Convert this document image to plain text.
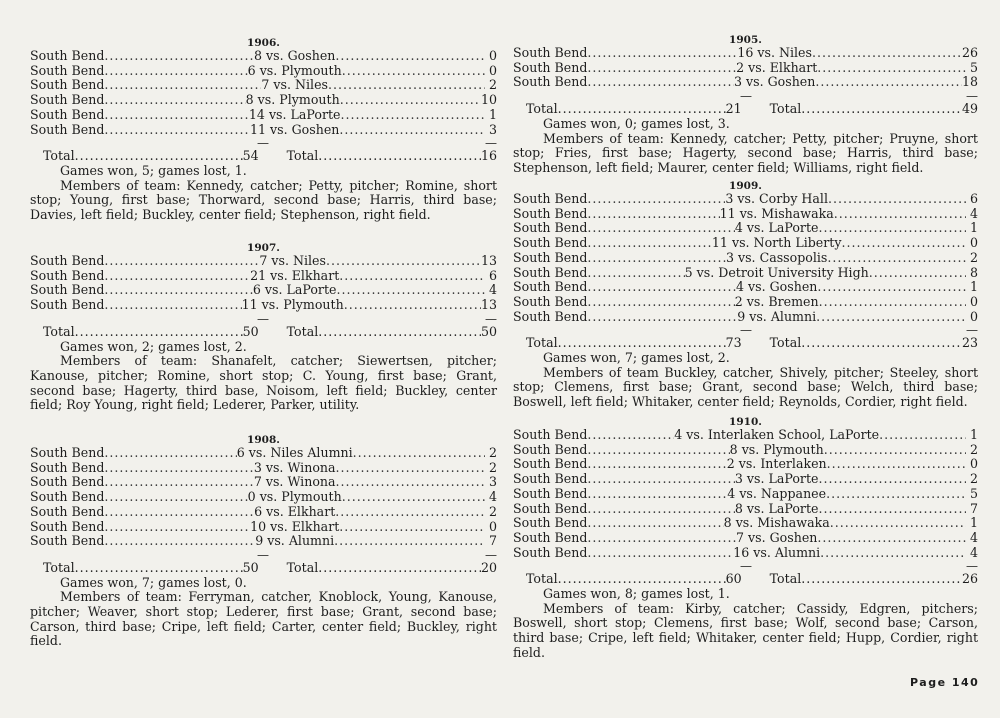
1906.
South Bend .....	8 vs. Goshen .....	0
South Bend .....	6 vs. Plymouth .....	0
South Bend .....	7 vs. Niles .....	2
South Bend .....	8 vs. Plymouth .....	10
South Bend .....	14 vs. LaPorte .....	1
South Bend .....	11 vs. Goshen .....	3
—	—
Total .....	54 Total .....	16
Games won, 5; games lost, 1.

Members of team: Kennedy, catcher; Petty, pitcher; Romine, short stop; Young, first base; Thorward, second base; Harris, third base; Davies, left field; Buckley, center field; Stephenson, right field.

1907.
South Bend .....	7 vs. Niles .....	13
South Bend .....	21 vs. Elkhart .....	6
South Bend .....	6 vs. LaPorte .....	4
South Bend .....	11 vs. Plymouth .....	13
—	—
Total .....	50 Total .....	50
Games won, 2; games lost, 2.

Members of team: Shanafelt, catcher; Siewertsen, pitcher; Kanouse, pitcher; Romine, short stop; C. Young, first base; Grant, second base; Hagerty, third base, Noisom, left field; Buckley, center field; Roy Young, right field; Lederer, Parker, utility.

1908.
South Bend .....	6 vs. Niles Alumni .....	2
South Bend .....	3 vs. Winona .....	2
South Bend .....	7 vs. Winona .....	3
South Bend .....	0 vs. Plymouth .....	4
South Bend .....	6 vs. Elkhart .....	2
South Bend .....	10 vs. Elkhart .....	0
South Bend .....	9 vs. Alumni .....	7
—	—
Total .....	50 Total .....	20
Games won, 7; games lost, 0.

Members of team: Ferryman, catcher, Knoblock, Young, Kanouse, pitcher; Weaver, short stop; Lederer, first base; Grant, second base; Carson, third base; Cripe, left field; Carter, center field; Buckley, right field.

1905.
South Bend .....	16 vs. Niles .....	26
South Bend .....	2 vs. Elkhart .....	5
South Bend .....	3 vs. Goshen .....	18
—	—
Total .....	21 Total .....	49
Games won, 0; games lost, 3.

Members of team: Kennedy, catcher; Petty, pitcher; Pruyne, short stop; Fries, first base; Hagerty, second base; Harris, third base; Stephenson, left field; Maurer, center field; Williams, right field.

1909.
South Bend .....	3 vs. Corby Hall .....	6
South Bend .....	11 vs. Mishawaka .....	4
South Bend .....	4 vs. LaPorte .....	1
South Bend .....	11 vs. North Liberty .....	0
South Bend .....	3 vs. Cassopolis .....	2
South Bend .....	5 vs. Detroit University High .....	8
South Bend .....	4 vs. Goshen .....	1
South Bend .....	2 vs. Bremen .....	0
South Bend .....	9 vs. Alumni .....	0
—	—
Total .....	73 Total .....	23
Games won, 7; games lost, 2.

Members of team Buckley, catcher, Shively, pitcher; Steeley, short stop; Clemens, first base; Grant, second base; Welch, third base; Boswell, left field; Whitaker, center field; Reynolds, Cordier, right field.

1910.
South Bend .....	4 vs. Interlaken School, LaPorte .....	1
South Bend .....	8 vs. Plymouth .....	2
South Bend .....	2 vs. Interlaken .....	0
South Bend .....	3 vs. LaPorte .....	2
South Bend .....	4 vs. Nappanee .....	5
South Bend .....	8 vs. LaPorte .....	7
South Bend .....	8 vs. Mishawaka .....	1
South Bend .....	7 vs. Goshen .....	4
South Bend .....	16 vs. Alumni .....	4
—	—
Total .....	60 Total .....	26
Games won, 8; games lost, 1.

Members of team: Kirby, catcher; Cassidy, Edgren, pitchers; Boswell, short stop; Clemens, first base; Wolf, second base; Carson, third base; Cripe, left field; Whitaker, center field; Hupp, Cordier, right field.

Page 140
